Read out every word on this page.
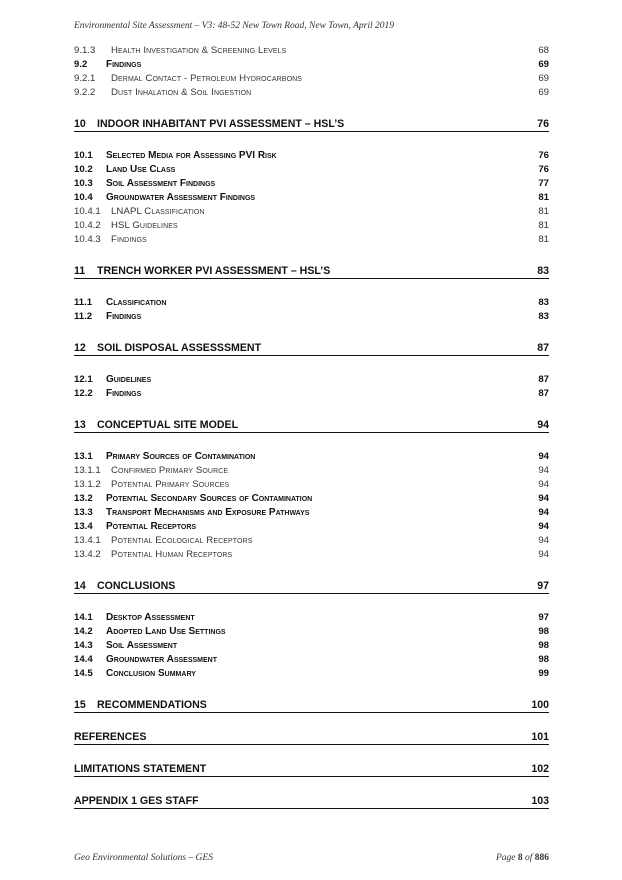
Environmental Site Assessment – V3: 48-52 New Town Road, New Town, April 2019
9.1.3	Health Investigation & Screening Levels	68
9.2 Findings	69
9.2.1	Dermal Contact - Petroleum Hydrocarbons	69
9.2.2	Dust Inhalation & Soil Ingestion	69
10 INDOOR INHABITANT PVI ASSESSMENT – HSL’S	76
10.1 Selected Media for Assessing PVI Risk	76
10.2 Land Use Class	76
10.3 Soil Assessment Findings	77
10.4 Groundwater Assessment Findings	81
10.4.1	LNAPL Classification	81
10.4.2	HSL Guidelines	81
10.4.3	Findings	81
11 TRENCH WORKER PVI ASSESSMENT – HSL’S	83
11.1 Classification	83
11.2 Findings	83
12 SOIL DISPOSAL ASSESSSMENT	87
12.1 Guidelines	87
12.2 Findings	87
13 CONCEPTUAL SITE MODEL	94
13.1 Primary Sources of Contamination	94
13.1.1	Confirmed Primary Source	94
13.1.2	Potential Primary Sources	94
13.2 Potential Secondary Sources of Contamination	94
13.3 Transport Mechanisms and Exposure Pathways	94
13.4 Potential Receptors	94
13.4.1	Potential Ecological Receptors	94
13.4.2	Potential Human Receptors	94
14 CONCLUSIONS	97
14.1 Desktop Assessment	97
14.2 Adopted Land Use Settings	98
14.3 Soil Assessment	98
14.4 Groundwater Assessment	98
14.5 Conclusion Summary	99
15 RECOMMENDATIONS	100
REFERENCES	101
LIMITATIONS STATEMENT	102
APPENDIX 1 GES STAFF	103
Geo Environmental Solutions – GES	Page 8 of 886
